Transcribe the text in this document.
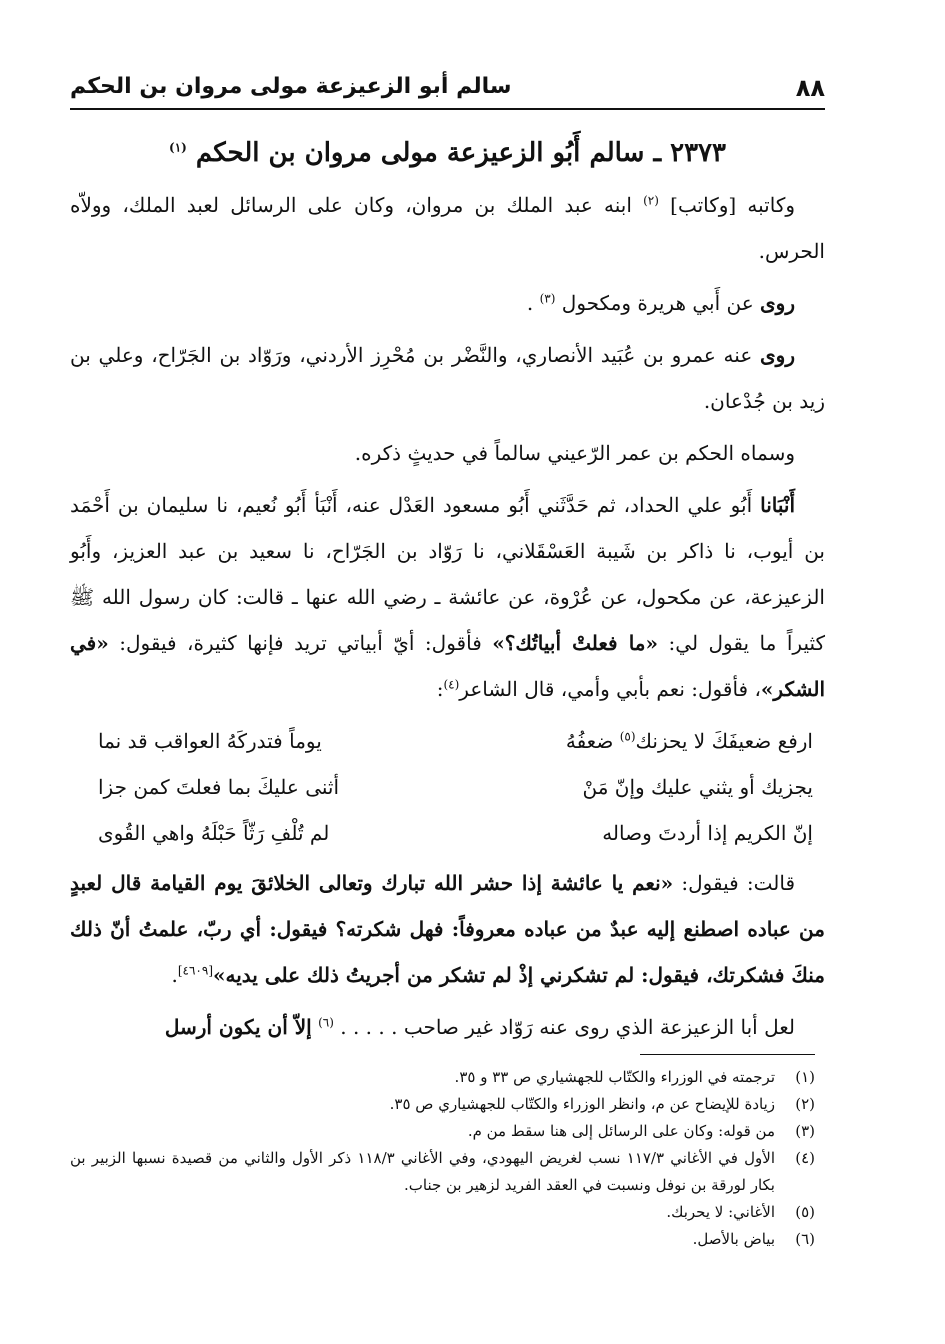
٨٨
سالم أبو الزعيزعة مولى مروان بن الحكم
٢٣٧٣ ـ سالم أَبُو الزعيزعة مولى مروان بن الحكم $^{(١)}$

وكاتبه [وكاتب] $^{(٢)}$ ابنه عبد الملك بن مروان، وكان على الرسائل لعبد الملك، وولاّه الحرس.

روى عن أَبي هريرة ومكحول $^{(٣)}$ .

روى عنه عمرو بن عُبَيد الأنصاري، والنَّضْر بن مُحْرِز الأردني، ورَوّاد بن الجَرّاح، وعلي بن زيد بن جُدْعان.

وسماه الحكم بن عمر الرّعيني سالماً في حديثٍ ذكره.

أَنْبَانا أَبُو علي الحداد، ثم حَدَّثَني أَبُو مسعود العَدْل عنه، أَنْبَأ أَبُو نُعيم، نا سليمان بن أَحْمَد بن أيوب، نا ذاكر بن شَيبة العَسْقَلاني، نا رَوّاد بن الجَرّاح، نا سعيد بن عبد العزيز، وأَبُو الزعيزعة، عن مكحول، عن عُرْوة، عن عائشة ـ رضي الله عنها ـ قالت: كان رسول الله ﷺ كثيراً ما يقول لي: «ما فعلتْ أبياتُك؟» فأقول: أيّ أبياتي تريد فإنها كثيرة، فيقول: «في الشكر»، فأقول: نعم بأبي وأمي، قال الشاعر$^{(٤)}$:

ارفع ضعيفَكَ لا يحزنك$^{(٥)}$ ضعفُهُ
يوماً فتدركَهُ العواقب قد نما
يجزيك أو يثني عليك وإنّ مَنْ
أثنى عليكَ بما فعلتَ كمن جزا
إنّ الكريم إذا أردتَ وصاله
لم تُلْفِ رَثّاً حَبْلَهُ واهي القُوى

قالت: فيقول: «نعم يا عائشة إذا حشر الله تبارك وتعالى الخلائقَ يوم القيامة قال لعبدٍ من عباده اصطنع إليه عبدٌ من عباده معروفاً: فهل شكرته؟ فيقول: أي ربّ، علمتُ أنّ ذلك منكَ فشكرتك، فيقول: لم تشكرني إذْ لم تشكر من أجريتُ ذلك على يديه»[٤٦٠٩].

لعل أبا الزعيزعة الذي روى عنه رَوّاد غير صاحب . . . . . $^{(٦)}$ إلاّ أن يكون أرسل

(١)
ترجمته في الوزراء والكتّاب للجهشياري ص ٣٣ و ٣٥.
(٢)
زيادة للإيضاح عن م، وانظر الوزراء والكتّاب للجهشياري ص ٣٥.
(٣)
من قوله: وكان على الرسائل إلى هنا سقط من م.
(٤)
الأول في الأغاني ١١٧/٣ نسب لغريض اليهودي، وفي الأغاني ١١٨/٣ ذكر الأول والثاني من قصيدة نسبها الزبير بن بكار لورقة بن نوفل ونسبت في العقد الفريد لزهير بن جناب.
(٥)
الأغاني: لا يحربك.
(٦)
بياض بالأصل.
